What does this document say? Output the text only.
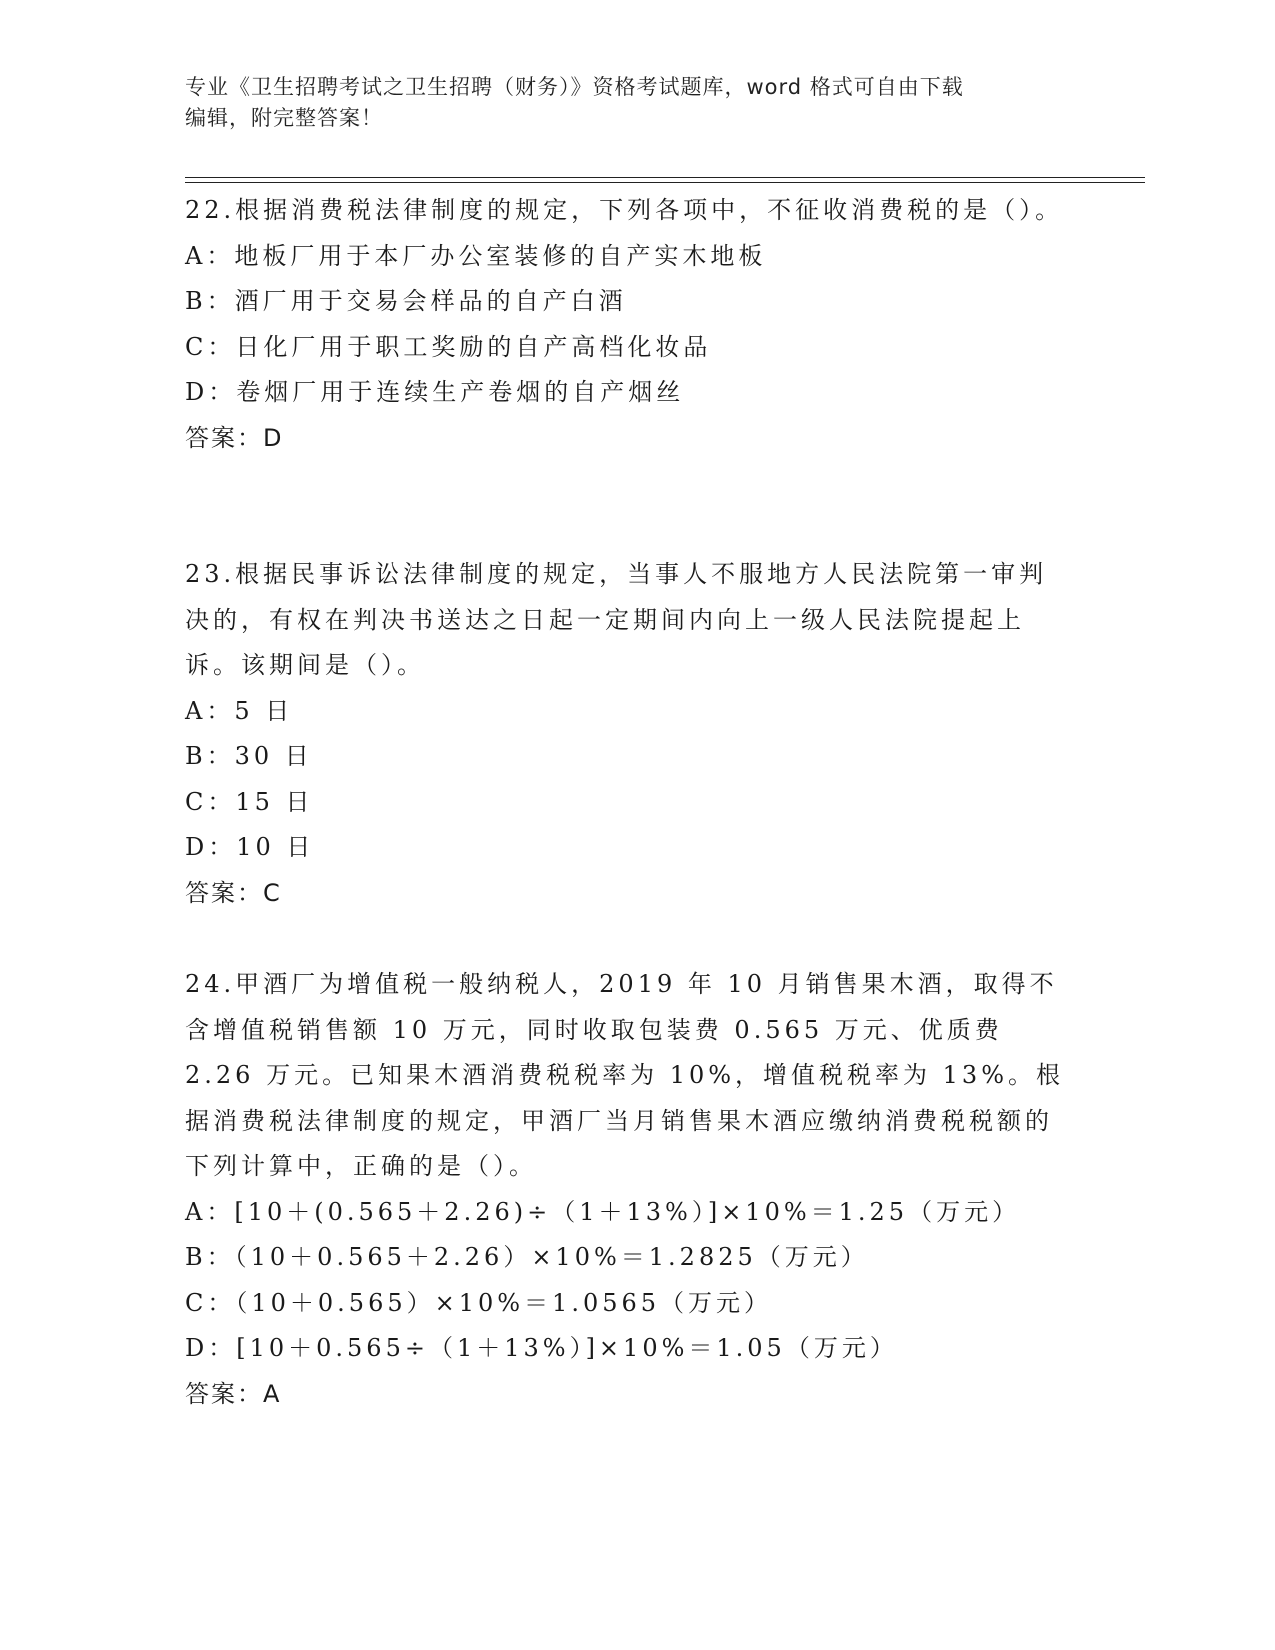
专业《卫生招聘考试之卫生招聘（财务）》资格考试题库，word 格式可自由下载
编辑，附完整答案！

22.根据消费税法律制度的规定，下列各项中，不征收消费税的是（）。

A：地板厂用于本厂办公室装修的自产实木地板

B：酒厂用于交易会样品的自产白酒

C：日化厂用于职工奖励的自产高档化妆品

D：卷烟厂用于连续生产卷烟的自产烟丝

答案：D

23.根据民事诉讼法律制度的规定，当事人不服地方人民法院第一审判决的，有权在判决书送达之日起一定期间内向上一级人民法院提起上诉。该期间是（）。

A：5 日

B：30 日

C：15 日

D：10 日

答案：C

24.甲酒厂为增值税一般纳税人，2019 年 10 月销售果木酒，取得不含增值税销售额 10 万元，同时收取包装费 0.565 万元、优质费 2.26 万元。已知果木酒消费税税率为 10%，增值税税率为 13%。根据消费税法律制度的规定，甲酒厂当月销售果木酒应缴纳消费税税额的下列计算中，正确的是（）。

A：[10＋(0.565＋2.26)÷（1＋13%）]×10%＝1.25（万元）

B：（10＋0.565＋2.26）×10%＝1.2825（万元）

C：（10＋0.565）×10%＝1.0565（万元）

D：[10＋0.565÷（1＋13%）]×10%＝1.05（万元）

答案：A
